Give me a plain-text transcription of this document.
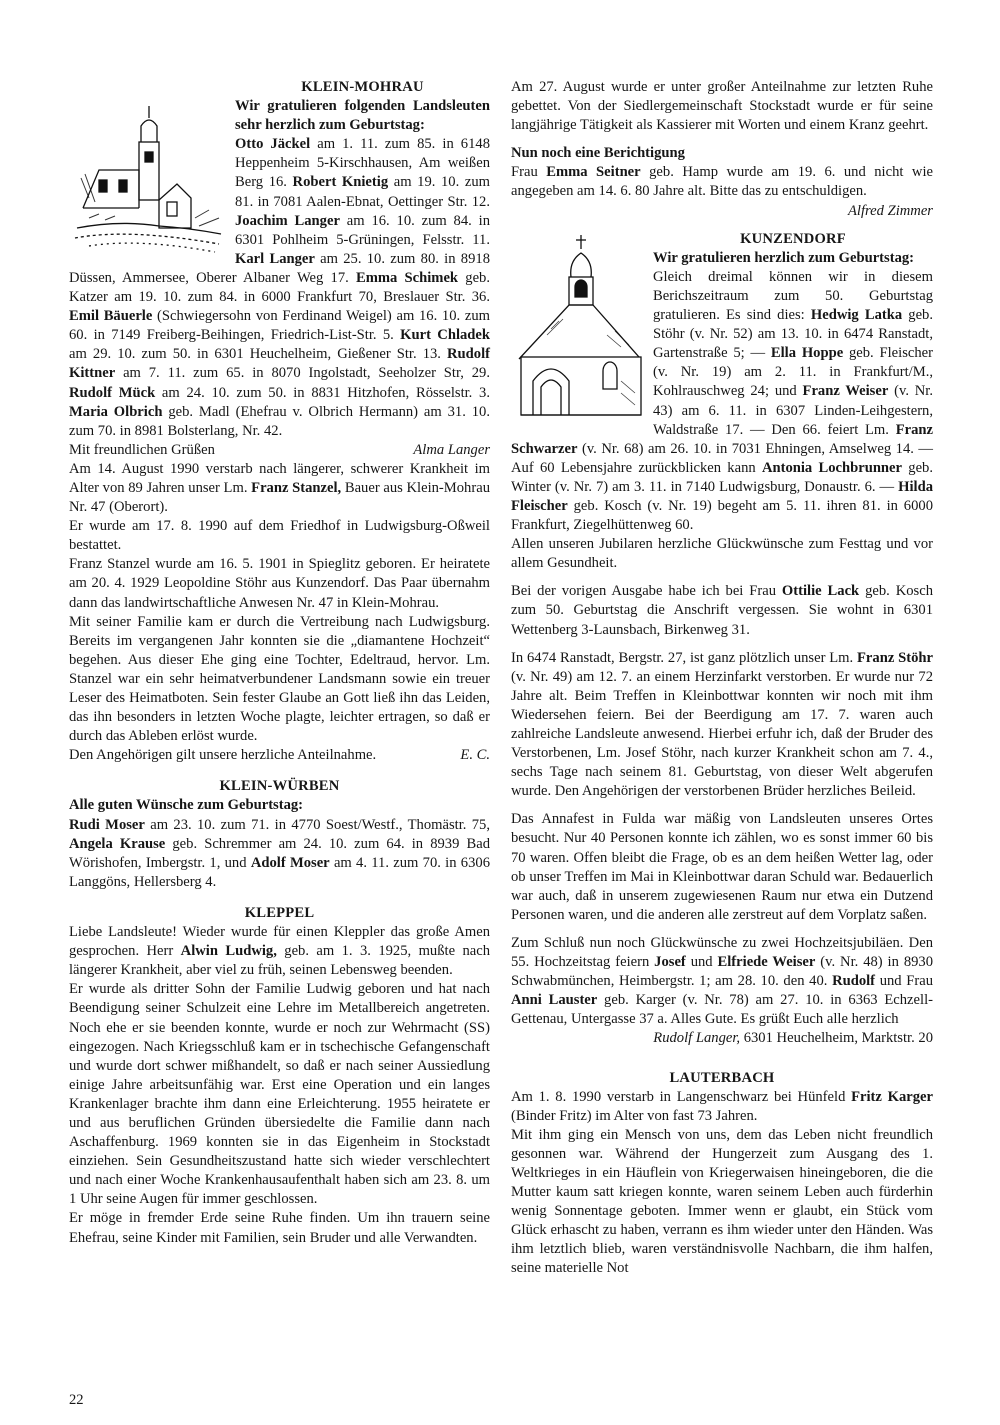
KLEIN-MOHRAU

Wir gratulieren folgenden Landsleuten sehr herzlich zum Geburtstag:

Otto Jäckel am 1. 11. zum 85. in 6148 Heppenheim 5-Kirschhausen, Am weißen Berg 16. Robert Knietig am 19. 10. zum 81. in 7081 Aalen-Ebnat, Oettinger Str. 12. Joachim Langer am 16. 10. zum 84. in 6301 Pohlheim 5-Grüningen, Felsstr. 11. Karl Langer am 25. 10. zum 80. in 8918 Düssen, Ammersee, Oberer Albaner Weg 17. Emma Schimek geb. Katzer am 19. 10. zum 84. in 6000 Frankfurt 70, Breslauer Str. 36. Emil Bäuerle (Schwiegersohn von Ferdinand Weigel) am 16. 10. zum 60. in 7149 Freiberg-Beihingen, Friedrich-List-Str. 5. Kurt Chladek am 29. 10. zum 50. in 6301 Heuchelheim, Gießener Str. 13. Rudolf Kittner am 7. 11. zum 65. in 8070 Ingolstadt, Seeholzer Str, 29. Rudolf Mück am 24. 10. zum 50. in 8831 Hitzhofen, Rösselstr. 3. Maria Olbrich geb. Madl (Ehefrau v. Olbrich Hermann) am 31. 10. zum 70. in 8981 Bolsterlang, Nr. 42.

Mit freundlichen Grüßen	Alma Langer

Am 14. August 1990 verstarb nach längerer, schwerer Krankheit im Alter von 89 Jahren unser Lm. Franz Stanzel, Bauer aus Klein-Mohrau Nr. 47 (Oberort).

Er wurde am 17. 8. 1990 auf dem Friedhof in Ludwigsburg-Oßweil bestattet.

Franz Stanzel wurde am 16. 5. 1901 in Spieglitz geboren. Er heiratete am 20. 4. 1929 Leopoldine Stöhr aus Kunzendorf. Das Paar übernahm dann das landwirtschaftliche Anwesen Nr. 47 in Klein-Mohrau.

Mit seiner Familie kam er durch die Vertreibung nach Ludwigsburg. Bereits im vergangenen Jahr konnten sie die „diamantene Hochzeit“ begehen. Aus dieser Ehe ging eine Tochter, Edeltraud, hervor. Lm. Stanzel war ein sehr heimatverbundener Landsmann sowie ein treuer Leser des Heimatboten. Sein fester Glaube an Gott ließ ihn das Leiden, das ihn besonders in letzten Woche plagte, leichter ertragen, so daß er durch das Ableben erlöst wurde.

Den Angehörigen gilt unsere herzliche Anteilnahme.	E. C.

KLEIN-WÜRBEN

Alle guten Wünsche zum Geburtstag:

Rudi Moser am 23. 10. zum 71. in 4770 Soest/Westf., Thomästr. 75, Angela Krause geb. Schremmer am 24. 10. zum 64. in 8939 Bad Wörishofen, Imbergstr. 1, und Adolf Moser am 4. 11. zum 70. in 6306 Langgöns, Hellersberg 4.

KLEPPEL

Liebe Landsleute! Wieder wurde für einen Kleppler das große Amen gesprochen. Herr Alwin Ludwig, geb. am 1. 3. 1925, mußte nach längerer Krankheit, aber viel zu früh, seinen Lebensweg beenden.

Er wurde als dritter Sohn der Familie Ludwig geboren und hat nach Beendigung seiner Schulzeit eine Lehre im Metallbereich angetreten. Noch ehe er sie beenden konnte, wurde er noch zur Wehrmacht (SS) eingezogen. Nach Kriegsschluß kam er in tschechische Gefangenschaft und wurde dort schwer mißhandelt, so daß er nach seiner Aussiedlung einige Jahre arbeitsunfähig war. Erst eine Operation und ein langes Krankenlager brachte ihm dann eine Erleichterung. 1955 heiratete er und aus beruflichen Gründen übersiedelte die Familie dann nach Aschaffenburg. 1969 konnten sie in das Eigenheim in Stockstadt einziehen. Sein Gesundheitszustand hatte sich wieder verschlechtert und nach einer Woche Krankenhausaufenthalt haben sich am 23. 8. um 1 Uhr seine Augen für immer geschlossen.

Er möge in fremder Erde seine Ruhe finden. Um ihn trauern seine Ehefrau, seine Kinder mit Familien, sein Bruder und alle Verwandten.

Am 27. August wurde er unter großer Anteilnahme zur letzten Ruhe gebettet. Von der Siedlergemeinschaft Stockstadt wurde er für seine langjährige Tätigkeit als Kassierer mit Worten und einem Kranz geehrt.

Nun noch eine Berichtigung

Frau Emma Seitner geb. Hamp wurde am 19. 6. und nicht wie angegeben am 14. 6. 80 Jahre alt. Bitte das zu entschuldigen.

Alfred Zimmer

KUNZENDORF

Wir gratulieren herzlich zum Geburtstag:

Gleich dreimal können wir in diesem Berichszeitraum zum 50. Geburtstag gratulieren. Es sind dies: Hedwig Latka geb. Stöhr (v. Nr. 52) am 13. 10. in 6474 Ranstadt, Gartenstraße 5; — Ella Hoppe geb. Fleischer (v. Nr. 19) am 2. 11. in Frankfurt/M., Kohlrauschweg 24; und Franz Weiser (v. Nr. 43) am 6. 11. in 6307 Linden-Leihgestern, Waldstraße 17. — Den 66. feiert Lm. Franz Schwarzer (v. Nr. 68) am 26. 10. in 7031 Ehningen, Amselweg 14. — Auf 60 Lebensjahre zurückblicken kann Antonia Lochbrunner geb. Winter (v. Nr. 7) am 3. 11. in 7140 Ludwigsburg, Donaustr. 6. — Hilda Fleischer geb. Kosch (v. Nr. 19) begeht am 5. 11. ihren 81. in 6000 Frankfurt, Ziegelhüttenweg 60.

Allen unseren Jubilaren herzliche Glückwünsche zum Festtag und vor allem Gesundheit.

Bei der vorigen Ausgabe habe ich bei Frau Ottilie Lack geb. Kosch zum 50. Geburtstag die Anschrift vergessen. Sie wohnt in 6301 Wettenberg 3-Launsbach, Birkenweg 31.

In 6474 Ranstadt, Bergstr. 27, ist ganz plötzlich unser Lm. Franz Stöhr (v. Nr. 49) am 12. 7. an einem Herzinfarkt verstorben. Er wurde nur 72 Jahre alt. Beim Treffen in Kleinbottwar konnten wir noch mit ihm Wiedersehen feiern. Bei der Beerdigung am 17. 7. waren auch zahlreiche Landsleute anwesend. Hierbei erfuhr ich, daß der Bruder des Verstorbenen, Lm. Josef Stöhr, nach kurzer Krankheit schon am 7. 4., sechs Tage nach seinem 81. Geburtstag, von dieser Welt abgerufen wurde. Den Angehörigen der verstorbenen Brüder herzliches Beileid.

Das Annafest in Fulda war mäßig von Landsleuten unseres Ortes besucht. Nur 40 Personen konnte ich zählen, wo es sonst immer 60 bis 70 waren. Offen bleibt die Frage, ob es an dem heißen Wetter lag, oder ob unser Treffen im Mai in Kleinbottwar daran Schuld war. Bedauerlich war auch, daß in unserem zugewiesenen Raum nur etwa ein Dutzend Personen waren, und die anderen alle zerstreut auf dem Vorplatz saßen.

Zum Schluß nun noch Glückwünsche zu zwei Hochzeitsjubiläen. Den 55. Hochzeitstag feiern Josef und Elfriede Weiser (v. Nr. 48) in 8930 Schwabmünchen, Heimbergstr. 1; am 28. 10. den 40. Rudolf und Frau Anni Lauster geb. Karger (v. Nr. 78) am 27. 10. in 6363 Echzell-Gettenau, Untergasse 37 a. Alles Gute. Es grüßt Euch alle herzlich

Rudolf Langer, 6301 Heuchelheim, Marktstr. 20

LAUTERBACH

Am 1. 8. 1990 verstarb in Langenschwarz bei Hünfeld Fritz Karger (Binder Fritz) im Alter von fast 73 Jahren.

Mit ihm ging ein Mensch von uns, dem das Leben nicht freundlich gesonnen war. Während der Hungerzeit zum Ausgang des 1. Weltkrieges in ein Häuflein von Kriegerwaisen hineingeboren, die die Mutter kaum satt kriegen konnte, waren seinem Leben auch fürderhin wenig Sonnentage geboten. Immer wenn er glaubt, ein Stück vom Glück erhascht zu haben, verrann es ihm wieder unter den Händen. Was ihm letztlich blieb, waren verständnisvolle Nachbarn, die ihm halfen, seine materielle Not

22
